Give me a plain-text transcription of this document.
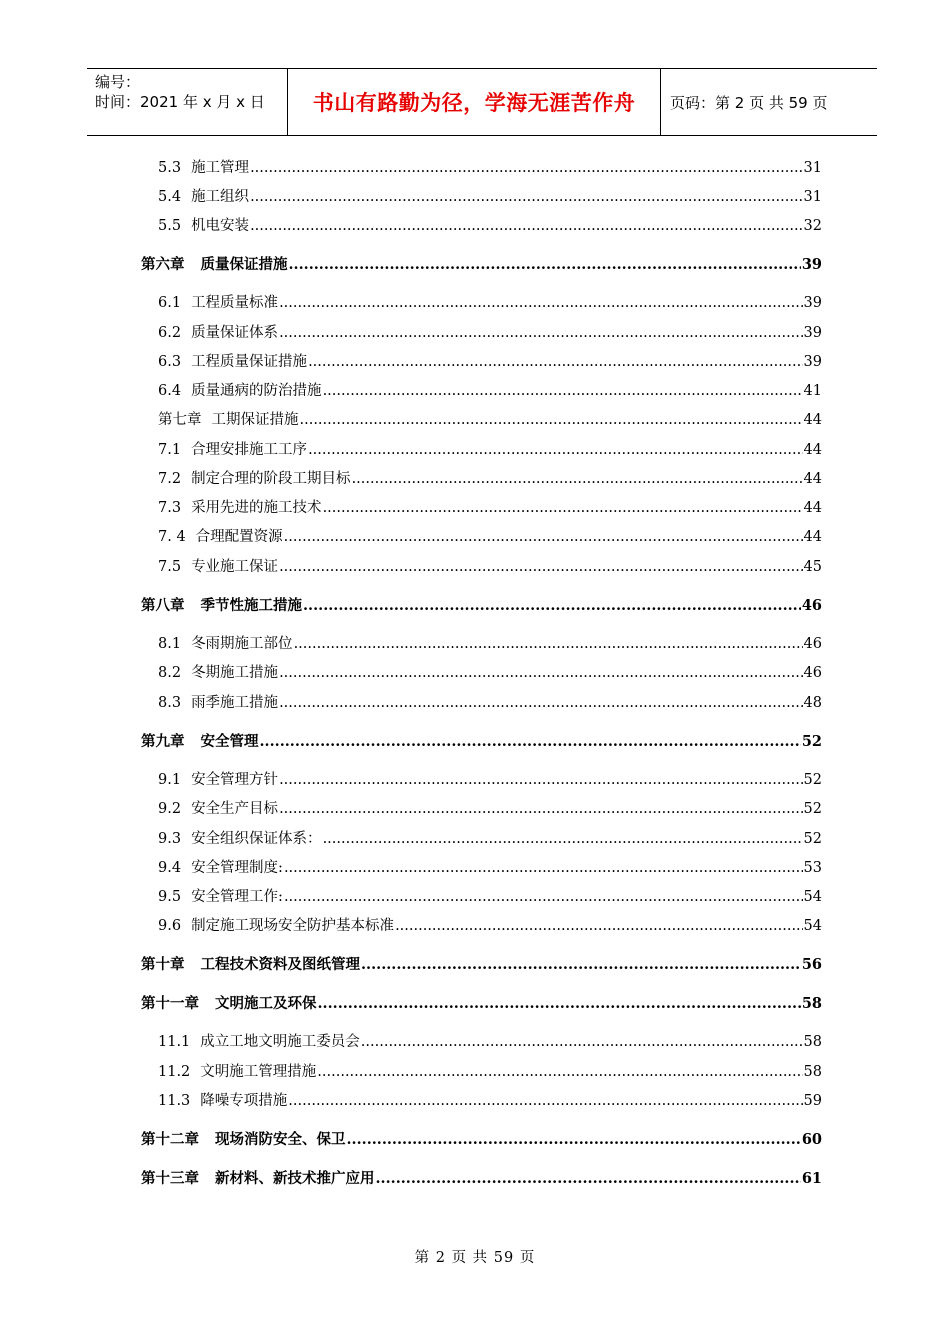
编号：
时间：2021 年 x 月 x 日	书山有路勤为径，学海无涯苦作舟	页码：第 2 页 共 59 页
5.3 施工管理 .....	31
5.4 施工组织 .....	31
5.5 机电安装 .....	32
第六章 质量保证措施 .....	39
6.1 工程质量标准 .....	39
6.2 质量保证体系 .....	39
6.3 工程质量保证措施 .....	39
6.4 质量通病的防治措施 .....	41
第七章 工期保证措施 .....	44
7.1 合理安排施工工序 .....	44
7.2 制定合理的阶段工期目标 .....	44
7.3 采用先进的施工技术 .....	44
7. 4 合理配置资源 .....	44
7.5 专业施工保证 .....	45
第八章 季节性施工措施 .....	46
8.1 冬雨期施工部位 .....	46
8.2 冬期施工措施 .....	46
8.3 雨季施工措施 .....	48
第九章 安全管理 .....	52
9.1 安全管理方针 .....	52
9.2 安全生产目标 .....	52
9.3 安全组织保证体系： .....	52
9.4 安全管理制度: .....	53
9.5 安全管理工作: .....	54
9.6 制定施工现场安全防护基本标准 .....	54
第十章 工程技术资料及图纸管理 .....	56
第十一章 文明施工及环保 .....	58
11.1 成立工地文明施工委员会 .....	58
11.2 文明施工管理措施 .....	58
11.3 降噪专项措施 .....	59
第十二章 现场消防安全、保卫 .....	60
第十三章 新材料、新技术推广应用 .....	61
第 2 页 共 59 页
